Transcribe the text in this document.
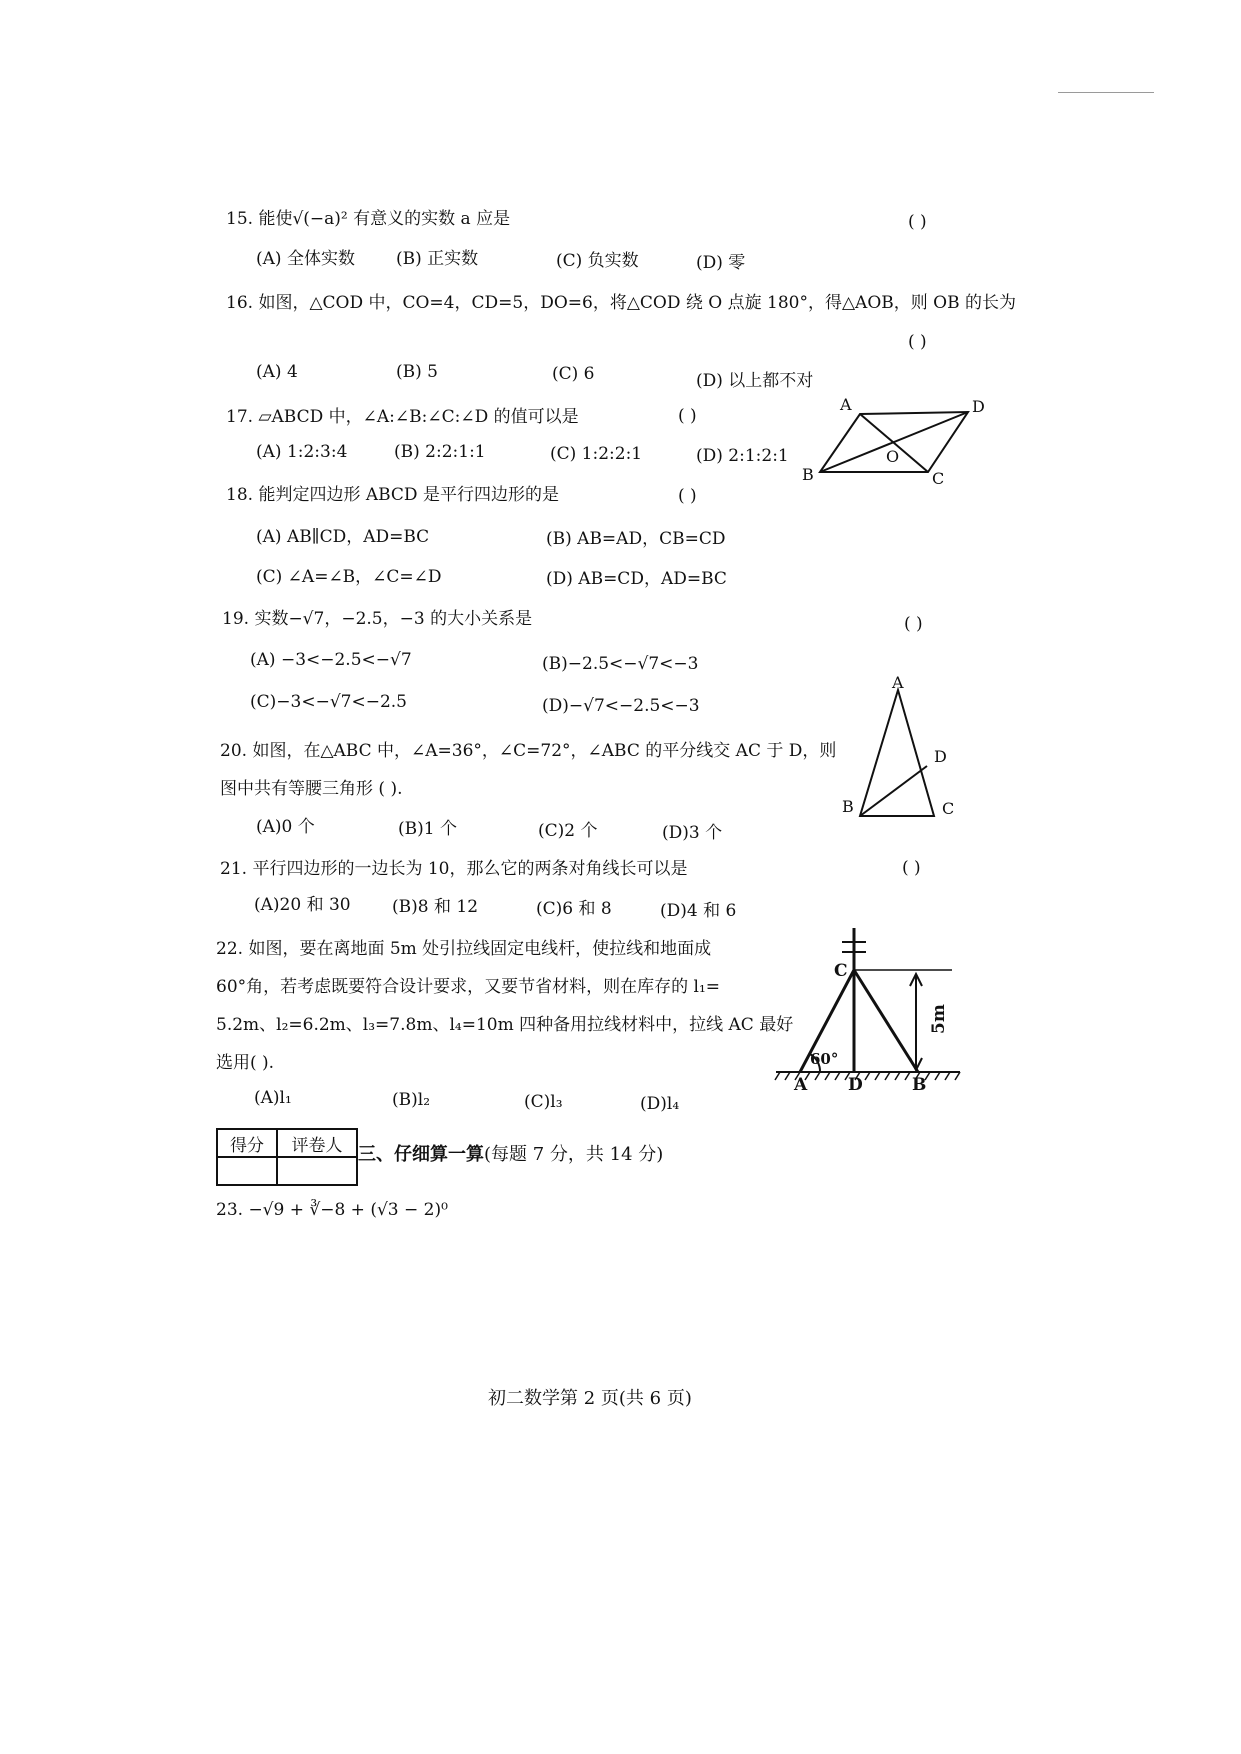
15. 能使√(−a)² 有意义的实数 a 应是	( )
(A) 全体实数 (B) 正实数	(C) 负实数	(D) 零
16. 如图，△COD 中，CO=4，CD=5，DO=6，将△COD 绕 O 点旋 180°，得△AOB，则 OB 的长为
( )
(A) 4	(B) 5	(C) 6	(D) 以上都不对
17. ▱ABCD 中，∠A:∠B:∠C:∠D 的值可以是	( )
(A) 1:2:3:4	(B) 2:2:1:1	(C) 1:2:2:1	(D) 2:1:2:1
A	D
O
B	C
18. 能判定四边形 ABCD 是平行四边形的是	( )
(A) AB∥CD，AD=BC	(B) AB=AD，CB=CD
(C) ∠A=∠B，∠C=∠D	(D) AB=CD，AD=BC
19. 实数−√7，−2.5，−3 的大小关系是	( )
(A) −3<−2.5<−√7	(B)−2.5<−√7<−3
(C)−3<−√7<−2.5	(D)−√7<−2.5<−3
20. 如图，在△ABC 中，∠A=36°，∠C=72°，∠ABC 的平分线交 AC 于 D，则
图中共有等腰三角形 ( ).
(A)0 个	(B)1 个	(C)2 个	(D)3 个
A
D
B	C
21. 平行四边形的一边长为 10，那么它的两条对角线长可以是	( )
(A)20 和 30 (B)8 和 12	(C)6 和 8	(D)4 和 6
22. 如图，要在离地面 5m 处引拉线固定电线杆，使拉线和地面成
60°角，若考虑既要符合设计要求，又要节省材料，则在库存的 l₁=
5.2m、l₂=6.2m、l₃=7.8m、l₄=10m 四种备用拉线材料中，拉线 AC 最好
选用( ).
(A)l₁	(B)l₂	(C)l₃	(D)l₄
C
5m
60°
A D	B
得分	评卷人
	三、仔细算一算(每题 7 分，共 14 分)
23. −√9 + ∛−8 + (√3 − 2)⁰
初二数学第 2 页(共 6 页)
